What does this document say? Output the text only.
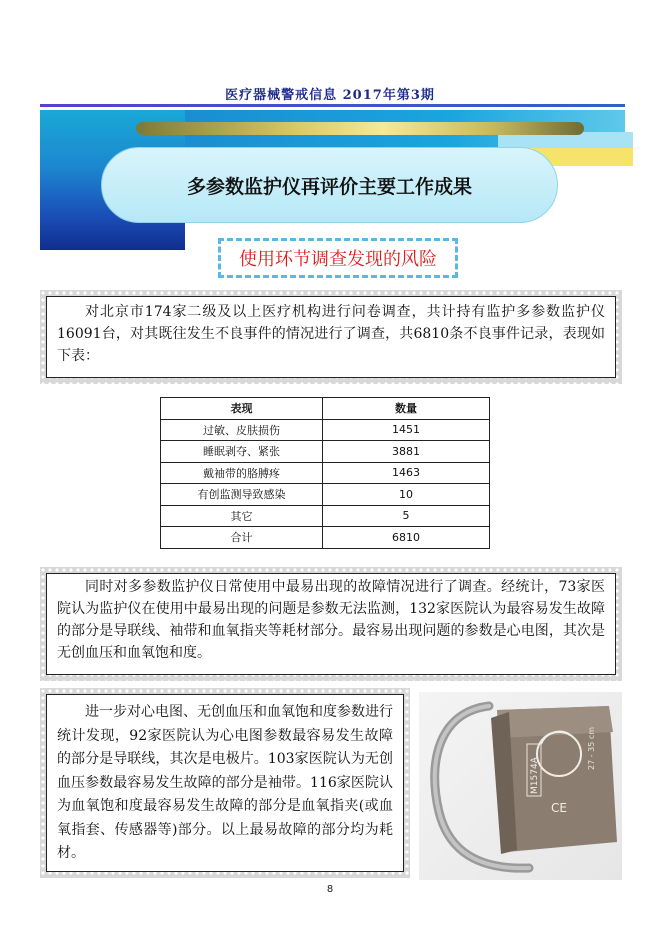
医疗器械警戒信息 2017年第3期
多参数监护仪再评价主要工作成果
使用环节调查发现的风险

对北京市174家二级及以上医疗机构进行问卷调查，共计持有监护多参数监护仪16091台，对其既往发生不良事件的情况进行了调查，共6810条不良事件记录，表现如下表：

表现	数量
过敏、皮肤损伤	1451
睡眠剥夺、紧张	3881
戴袖带的胳膊疼	1463
有创监测导致感染	10
其它	5
合计	6810

同时对多参数监护仪日常使用中最易出现的故障情况进行了调查。经统计，73家医院认为监护仪在使用中最易出现的问题是参数无法监测，132家医院认为最容易发生故障的部分是导联线、袖带和血氧指夹等耗材部分。最容易出现问题的参数是心电图，其次是无创血压和血氧饱和度。

进一步对心电图、无创血压和血氧饱和度参数进行统计发现，92家医院认为心电图参数最容易发生故障的部分是导联线，其次是电极片。103家医院认为无创血压参数最容易发生故障的部分是袖带。116家医院认为血氧饱和度最容易发生故障的部分是血氧指夹(或血氧指套、传感器等)部分。以上最易故障的部分均为耗材。

M1574A
27 - 35 cm
CE
8
